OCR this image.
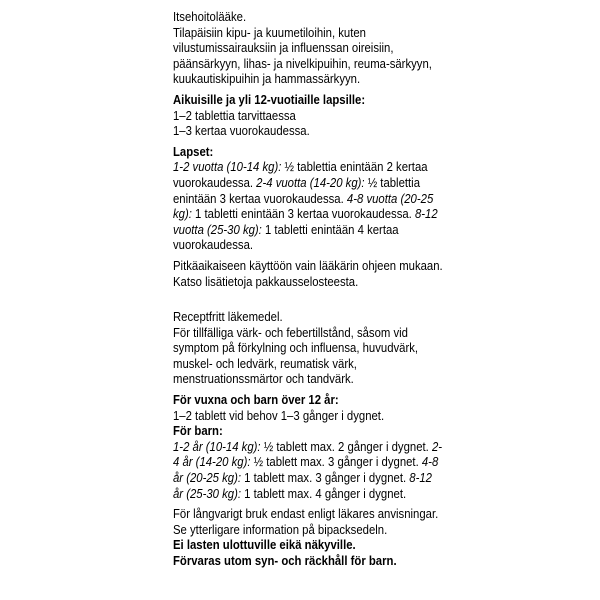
Itsehoitolääke.

Tilapäisiin kipu- ja kuumetiloihin, kuten vilustumissairauksiin ja influenssan oireisiin, päänsärkyyn, lihas- ja nivelkipuihin, reuma-särkyyn, kuukautiskipuihin ja hammassärkyyn.

Aikuisille ja yli 12-vuotiaille lapsille:

1–2 tablettia tarvittaessa

1–3 kertaa vuorokaudessa.

Lapset:

1-2 vuotta (10-14 kg): ½ tablettia enintään 2 kertaa vuorokaudessa. 2-4 vuotta (14-20 kg): ½ tablettia enintään 3 kertaa vuorokaudessa. 4-8 vuotta (20-25 kg): 1 tabletti enintään 3 kertaa vuorokaudessa. 8-12 vuotta (25-30 kg): 1 tabletti enintään 4 kertaa vuorokaudessa.

Pitkäaikaiseen käyttöön vain lääkärin ohjeen mukaan. Katso lisätietoja pakkausselosteesta.

Receptfritt läkemedel.

För tillfälliga värk- och febertillstånd, såsom vid symptom på förkylning och influensa, huvudvärk, muskel- och ledvärk, reumatisk värk, menstruationssmärtor och tandvärk.

För vuxna och barn över 12 år:

1–2 tablett vid behov 1–3 gånger i dygnet.

För barn:

1-2 år (10-14 kg): ½ tablett max. 2 gånger i dygnet. 2-4 år (14-20 kg): ½ tablett max. 3 gånger i dygnet. 4-8 år (20-25 kg): 1 tablett max. 3 gånger i dygnet. 8-12 år (25-30 kg): 1 tablett max. 4 gånger i dygnet.

För långvarigt bruk endast enligt läkares anvisningar. Se ytterligare information på bipacksedeln.

Ei lasten ulottuville eikä näkyville.

Förvaras utom syn- och räckhåll för barn.
